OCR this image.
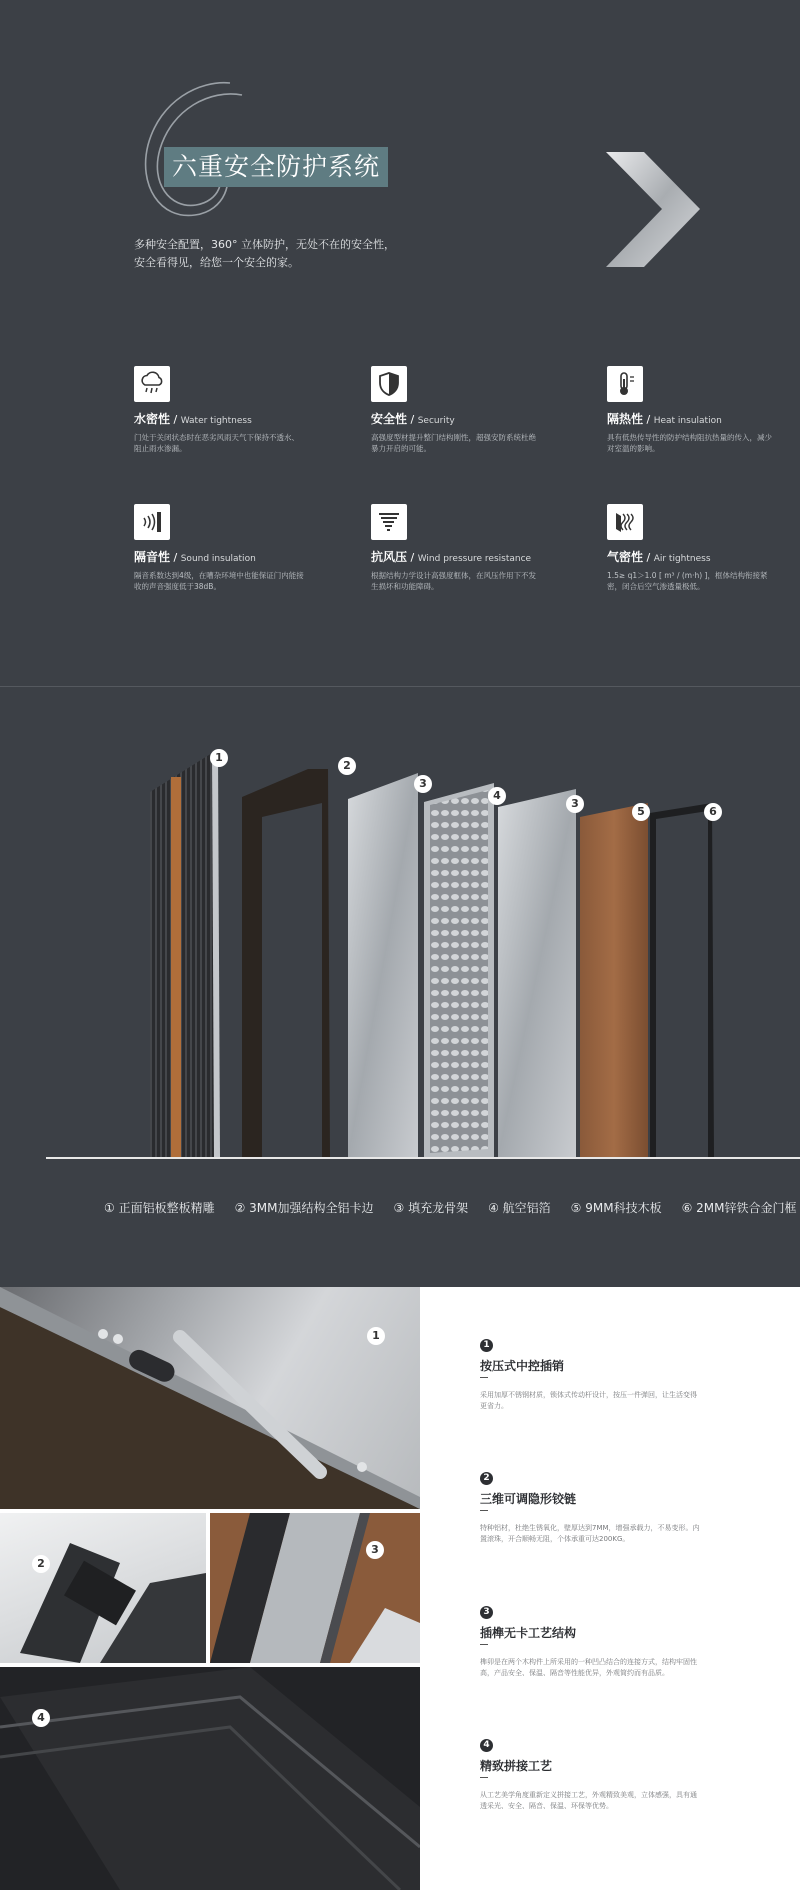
六重安全防护系统
多种安全配置，360° 立体防护，无处不在的安全性，
安全看得见，给您一个安全的家。
水密性 / Water tightness
门处于关闭状态时在恶劣风雨天气下保持不透水、阻止雨水渗漏。
安全性 / Security
高强度型材提升整门结构刚性，超强安防系统杜绝暴力开启的可能。
隔热性 / Heat insulation
具有低热传导性的防护结构阻抗热量的传入，减少对室温的影响。
隔音性 / Sound insulation
隔音系数达到4级，在嘈杂环境中也能保证门内能接收的声音强度低于38dB。
抗风压 / Wind pressure resistance
根据结构力学设计高强度框体，在风压作用下不发生损坏和功能障碍。
气密性 / Air tightness
1.5≥ q1＞1.0 [ m³ / (m·h) ]，框体结构衔接紧密，闭合后空气渗透量极低。
1
2
3
4
3
5	6
① 正面铝板整板精雕 ② 3MM加强结构全铝卡边 ③ 填充龙骨架 ④ 航空铝箔 ⑤ 9MM科技木板 ⑥ 2MM锌铁合金门框
1
2
3
4
1
按压式中控插销
采用加厚不锈钢材质，锁体式传动杆设计，按压一件弹回，让生活变得更省力。
2
三维可调隐形铰链
特种铝材，杜绝生锈氧化，壁厚达到7MM，增强承载力，不易变形。内置滚珠，开合顺畅无阻，个体承重可达200KG。
3
插榫无卡工艺结构
榫卯是在两个木构件上所采用的一种凹凸结合的连接方式，结构牢固性高，产品安全、保温、隔音等性能优异，外观简约而有品质。
4
精致拼接工艺
从工艺美学角度重新定义拼接工艺，外观精致美观，立体感强，具有通透采光、安全、隔音、保温、环保等优势。
